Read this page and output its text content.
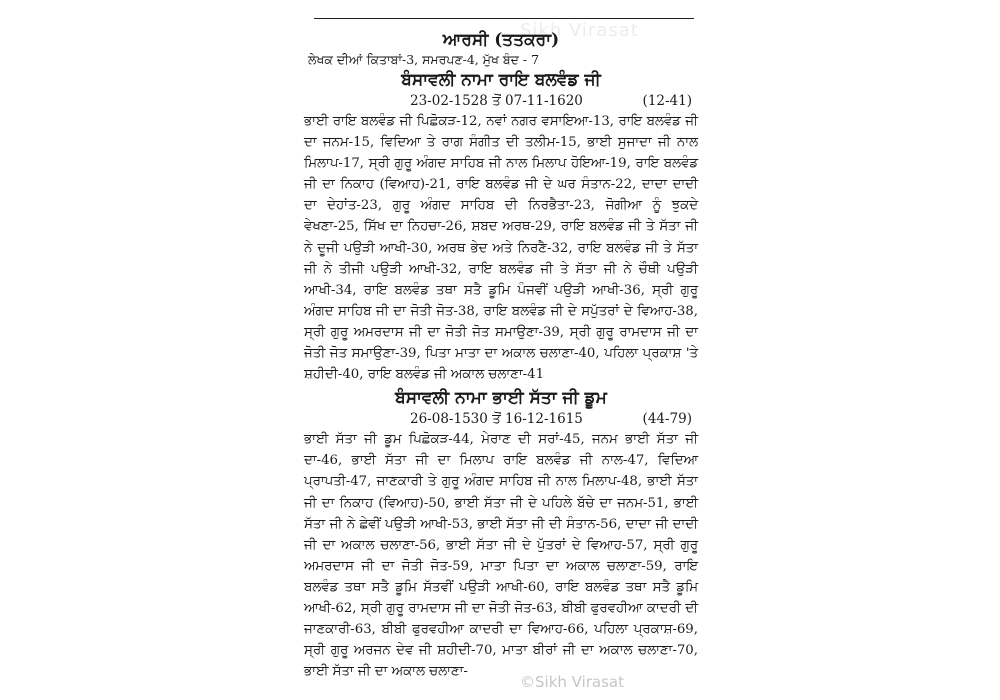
Sikh Virasat
ਆਰਸੀ (ਤਤਕਰਾ)

ਲੇਖਕ ਦੀਆਂ ਕਿਤਾਬਾਂ-3, ਸਮਰਪਣ-4, ਮੁੱਖ ਬੰਦ - 7

ਬੰਸਾਵਲੀ ਨਾਮਾ ਰਾਇ ਬਲਵੰਡ ਜੀ
23-02-1528 ਤੋਂ 07-11-1620	(12-41)

ਭਾਈ ਰਾਇ ਬਲਵੰਡ ਜੀ ਪਿਛੋਕੜ-12, ਨਵਾਂ ਨਗਰ ਵਸਾਇਆ-13, ਰਾਇ ਬਲਵੰਡ ਜੀ ਦਾ ਜਨਮ-15, ਵਿਦਿਆ ਤੇ ਰਾਗ ਸੰਗੀਤ ਦੀ ਤਲੀਮ-15, ਭਾਈ ਸੁਜਾਦਾ ਜੀ ਨਾਲ ਮਿਲਾਪ-17, ਸ੍ਰੀ ਗੁਰੂ ਅੰਗਦ ਸਾਹਿਬ ਜੀ ਨਾਲ ਮਿਲਾਪ ਹੋਇਆ-19, ਰਾਇ ਬਲਵੰਡ ਜੀ ਦਾ ਨਿਕਾਹ (ਵਿਆਹ)-21, ਰਾਇ ਬਲਵੰਡ ਜੀ ਦੇ ਘਰ ਸੰਤਾਨ-22, ਦਾਦਾ ਦਾਦੀ ਦਾ ਦੇਹਾਂਤ-23, ਗੁਰੂ ਅੰਗਦ ਸਾਹਿਬ ਦੀ ਨਿਰਭੈਤਾ-23, ਜੋਗੀਆ ਨੂੰ ਝੁਕਦੇ ਵੇਖਣਾ-25, ਸਿੱਖ ਦਾ ਨਿਹਚਾ-26, ਸ਼ਬਦ ਅਰਥ-29, ਰਾਇ ਬਲਵੰਡ ਜੀ ਤੇ ਸੱਤਾ ਜੀ ਨੇ ਦੂਜੀ ਪਉੜੀ ਆਖੀ-30, ਅਰਥ ਭੇਦ ਅਤੇ ਨਿਰਣੈ-32, ਰਾਇ ਬਲਵੰਡ ਜੀ ਤੇ ਸੱਤਾ ਜੀ ਨੇ ਤੀਜੀ ਪਉੜੀ ਆਖੀ-32, ਰਾਇ ਬਲਵੰਡ ਜੀ ਤੇ ਸੱਤਾ ਜੀ ਨੇ ਚੌਥੀ ਪਉੜੀ ਆਖੀ-34, ਰਾਇ ਬਲਵੰਡ ਤਥਾ ਸਤੈ ਡੂਮਿ ਪੰਜਵੀਂ ਪਉੜੀ ਆਖੀ-36, ਸ੍ਰੀ ਗੁਰੂ ਅੰਗਦ ਸਾਹਿਬ ਜੀ ਦਾ ਜੋਤੀ ਜੋਤ-38, ਰਾਇ ਬਲਵੰਡ ਜੀ ਦੇ ਸਪੁੱਤਰਾਂ ਦੇ ਵਿਆਹ-38, ਸ੍ਰੀ ਗੁਰੂ ਅਮਰਦਾਸ ਜੀ ਦਾ ਜੋਤੀ ਜੋਤ ਸਮਾਉਣਾ-39, ਸ੍ਰੀ ਗੁਰੂ ਰਾਮਦਾਸ ਜੀ ਦਾ ਜੋਤੀ ਜੋਤ ਸਮਾਉਣਾ-39, ਪਿਤਾ ਮਾਤਾ ਦਾ ਅਕਾਲ ਚਲਾਣਾ-40, ਪਹਿਲਾ ਪ੍ਰਕਾਸ਼ 'ਤੇ ਸ਼ਹੀਦੀ-40, ਰਾਇ ਬਲਵੰਡ ਜੀ ਅਕਾਲ ਚਲਾਣਾ-41

ਬੰਸਾਵਲੀ ਨਾਮਾ ਭਾਈ ਸੱਤਾ ਜੀ ਡੂਮ
26-08-1530 ਤੋਂ 16-12-1615	(44-79)

ਭਾਈ ਸੱਤਾ ਜੀ ਡੂਮ ਪਿਛੋਕੜ-44, ਮੇਰਾਣ ਦੀ ਸਰਾਂ-45, ਜਨਮ ਭਾਈ ਸੱਤਾ ਜੀ ਦਾ-46, ਭਾਈ ਸੱਤਾ ਜੀ ਦਾ ਮਿਲਾਪ ਰਾਇ ਬਲਵੰਡ ਜੀ ਨਾਲ-47, ਵਿਦਿਆ ਪ੍ਰਾਪਤੀ-47, ਜਾਣਕਾਰੀ ਤੇ ਗੁਰੂ ਅੰਗਦ ਸਾਹਿਬ ਜੀ ਨਾਲ ਮਿਲਾਪ-48, ਭਾਈ ਸੱਤਾ ਜੀ ਦਾ ਨਿਕਾਹ (ਵਿਆਹ)-50, ਭਾਈ ਸੱਤਾ ਜੀ ਦੇ ਪਹਿਲੇ ਬੱਚੇ ਦਾ ਜਨਮ-51, ਭਾਈ ਸੱਤਾ ਜੀ ਨੇ ਛੇਵੀਂ ਪਉੜੀ ਆਖੀ-53, ਭਾਈ ਸੱਤਾ ਜੀ ਦੀ ਸੰਤਾਨ-56, ਦਾਦਾ ਜੀ ਦਾਦੀ ਜੀ ਦਾ ਅਕਾਲ ਚਲਾਣਾ-56, ਭਾਈ ਸੱਤਾ ਜੀ ਦੇ ਪੁੱਤਰਾਂ ਦੇ ਵਿਆਹ-57, ਸ੍ਰੀ ਗੁਰੂ ਅਮਰਦਾਸ ਜੀ ਦਾ ਜੋਤੀ ਜੋਤ-59, ਮਾਤਾ ਪਿਤਾ ਦਾ ਅਕਾਲ ਚਲਾਣਾ-59, ਰਾਇ ਬਲਵੰਡ ਤਥਾ ਸਤੈ ਡੂਮਿ ਸੱਤਵੀਂ ਪਉੜੀ ਆਖੀ-60, ਰਾਇ ਬਲਵੰਡ ਤਥਾ ਸਤੈ ਡੂਮਿ ਆਖੀ-62, ਸ੍ਰੀ ਗੁਰੂ ਰਾਮਦਾਸ ਜੀ ਦਾ ਜੋਤੀ ਜੋਤ-63, ਬੀਬੀ ਫੁਰਵਹੀਆ ਕਾਦਰੀ ਦੀ ਜਾਣਕਾਰੀ-63, ਬੀਬੀ ਫੁਰਵਹੀਆ ਕਾਦਰੀ ਦਾ ਵਿਆਹ-66, ਪਹਿਲਾ ਪ੍ਰਕਾਸ਼-69, ਸ੍ਰੀ ਗੁਰੂ ਅਰਜਨ ਦੇਵ ਜੀ ਸ਼ਹੀਦੀ-70, ਮਾਤਾ ਬੀਰਾਂ ਜੀ ਦਾ ਅਕਾਲ ਚਲਾਣਾ-70, ਭਾਈ ਸੱਤਾ ਜੀ ਦਾ ਅਕਾਲ ਚਲਾਣਾ-

©Sikh Virasat
